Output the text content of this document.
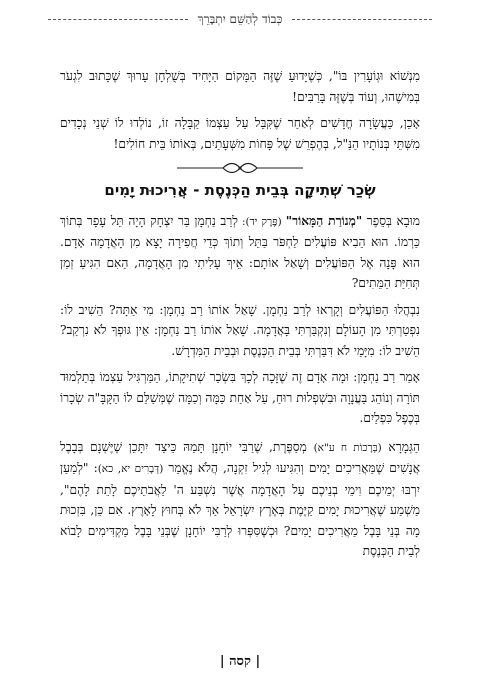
כְּבוֹד לְהַשֵּׁם יִתְבָּרֵךְ

מִנְשׁוֹא וּגְוֹעָרִין בּוֹ", כְּשֶׁיָּדוּעַ שֶׁזֶּה הַמָּקוֹם הַיָּחִיד בְּשֻׁלְחָן עָרוּךְ שֶׁכָּתוּב לִגְעֹר בְּמִישֶׁהוּ, וְעוֹד בְּשֶׁזֶּה בָּרַבִּים!

אָכֵן, כַּעֲשָׂרָה חֳדָשִׁים לְאַחַר שֶׁקִּבֵּל עַל עַצְמוֹ קַבָּלָה זוֹ, נוֹלְדוּ לוֹ שְׁנֵי נְכָדִים מִשְּׁתֵּי בְּנוֹתָיו הַנַּ"ל, בְּהֶפְרֵשׁ שֶׁל פָּחוֹת מִשְּׁעָתַיִם, בְּאוֹתוֹ בֵּית חוֹלִים!

שְׂכַר שְׁתִיקָה בְּבֵית הַכְּנֶסֶת - אֲרִיכוּת יָמִים

מוּבָא בְּסֵפֶר "מְנוֹרַת הַמָּאוֹר" (פֶּרֶק יד): לְרַב נַחְמָן בַּר יִצְחָק הָיָה תֵּל עָפָר בְּתוֹךְ כַּרְמוֹ. הוּא הֵבִיא פּוֹעֲלִים לַחְפֹּר בַּתֵּל וְתוֹךְ כְּדֵי חֲפִירָה יָצָא מִן הָאֲדָמָה אָדָם. הוּא פָּנָה אֶל הַפּוֹעֲלִים וְשָׁאַל אוֹתָם: אֵיךְ עָלִיתִי מִן הָאֲדָמָה, הַאִם הִגִּיעַ זְמַן תְּחִיַּת הַמֵּתִים?

נִבְהֲלוּ הַפּוֹעֲלִים וְקָרְאוּ לְרַב נַחְמָן. שָׁאַל אוֹתוֹ רַב נַחְמָן: מִי אַתָּה? הֵשִׁיב לוֹ: נִפְטַרְתִּי מִן הָעוֹלָם וְנִקְבַּרְתִּי בָּאֲדָמָה. שָׁאַל אוֹתוֹ רַב נַחְמָן: אֵין גּוּפְךָ לֹא נִרְקַב? הֵשִׁיב לוֹ: מִיָּמַי לֹא דִּבַּרְתִּי בְּבֵית הַכְּנֶסֶת וּבְבֵית הַמִּדְרָשׁ.

אָמַר רַב נַחְמָן: וּמָה אָדָם זֶה שֶׁזָּכָה לְכָךְ בִּשְׂכַר שְׁתִיקָתוֹ, הַמַּרְגִּיל עַצְמוֹ בְּתַלְמוּד תּוֹרָה וְנוֹהֵג בַּעֲנָוָה וּבִשְׁפְלוּת רוּחַ, עַל אַחַת כַּמָּה וְכַמָּה שֶׁמְּשַׁלֵּם לוֹ הַקָּבָּ"ה שְׂכָרוֹ בְּכֶפֶל כִּפְלַיִם.

הַגְּמָרָא (בְּרָכוֹת ח ע"א) מְסַפֶּרֶת, שֶׁרַבִּי יוֹחָנָן תָּמַהּ כֵּיצַד יִתָּכֵן שֶׁיֶּשְׁנָם בְּבָבֶל אֲנָשִׁים שֶׁמַּאֲרִיכִים יָמִים וְהִגִּיעוּ לְגִיל זִקְנָה, הֲלֹא נֶאֱמַר (דְּבָרִים יא, כא): "לְמַעַן יִרְבּוּ יְמֵיכֶם וִימֵי בְנֵיכֶם עַל הָאֲדָמָה אֲשֶׁר נִשְׁבַּע ה' לַאֲבֹתֵיכֶם לָתֵת לָהֶם", מַשְׁמַע שֶׁאֲרִיכוּת יָמִים קַיֶּמֶת בְּאֶרֶץ יִשְׂרָאֵל אַךְ לֹא בְּחוּץ לָאָרֶץ. אִם כֵּן, בִּזְכוּת מָה בְּנֵי בָּבֶל מַאֲרִיכִים יָמִים? וּכְשֶׁסִּפְּרוּ לְרַבִּי יוֹחָנָן שֶׁבְּנֵי בָּבֶל מַקְדִּימִים לָבוֹא לְבֵית הַכְּנֶסֶת

| קסה |
